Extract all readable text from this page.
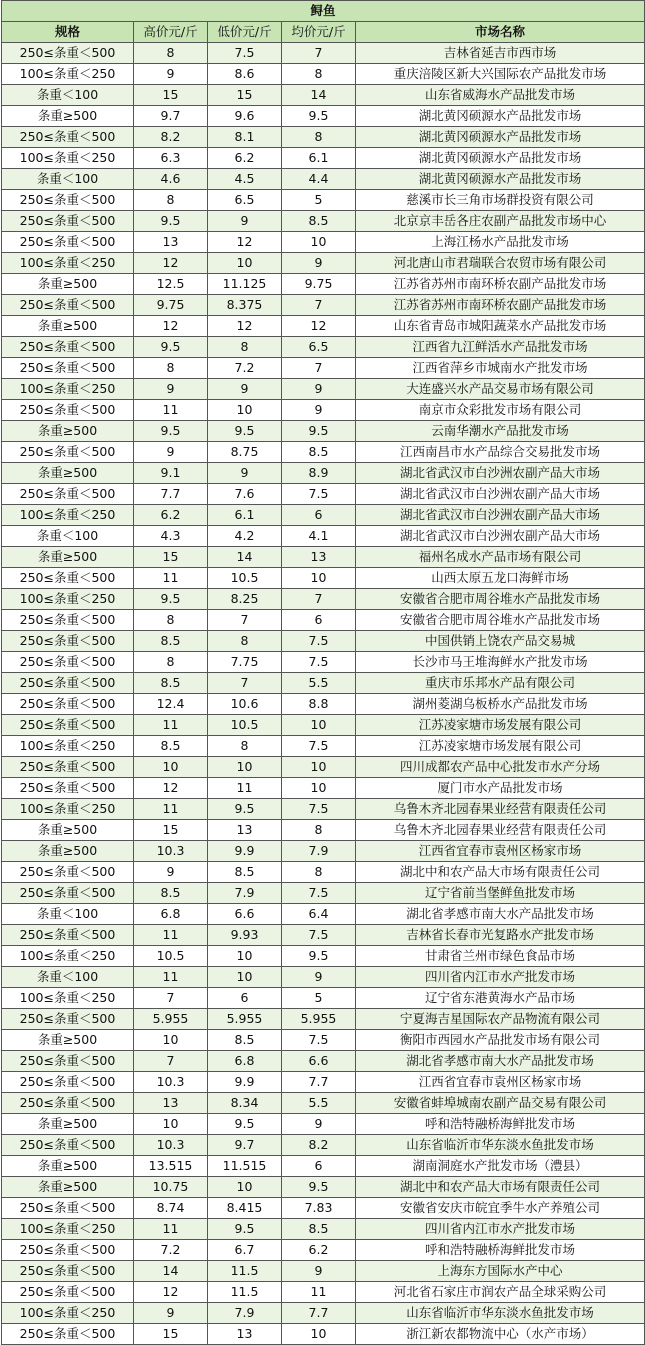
鲟鱼				
规格	高价元/斤	低价元/斤	均价元/斤	市场名称
250≤条重＜500	8	7.5	7	吉林省延吉市西市场
100≤条重＜250	9	8.6	8	重庆涪陵区新大兴国际农产品批发市场
条重＜100	15	15	14	山东省威海水产品批发市场
条重≥500	9.7	9.6	9.5	湖北黄冈硕源水产品批发市场
250≤条重＜500	8.2	8.1	8	湖北黄冈硕源水产品批发市场
100≤条重＜250	6.3	6.2	6.1	湖北黄冈硕源水产品批发市场
条重＜100	4.6	4.5	4.4	湖北黄冈硕源水产品批发市场
250≤条重＜500	8	6.5	5	慈溪市长三角市场群投资有限公司
250≤条重＜500	9.5	9	8.5	北京京丰岳各庄农副产品批发市场中心
250≤条重＜500	13	12	10	上海江杨水产品批发市场
100≤条重＜250	12	10	9	河北唐山市君瑞联合农贸市场有限公司
条重≥500	12.5	11.125	9.75	江苏省苏州市南环桥农副产品批发市场
250≤条重＜500	9.75	8.375	7	江苏省苏州市南环桥农副产品批发市场
条重≥500	12	12	12	山东省青岛市城阳蔬菜水产品批发市场
250≤条重＜500	9.5	8	6.5	江西省九江鲜活水产品批发市场
250≤条重＜500	8	7.2	7	江西省萍乡市城南水产批发市场
100≤条重＜250	9	9	9	大连盛兴水产品交易市场有限公司
250≤条重＜500	11	10	9	南京市众彩批发市场有限公司
条重≥500	9.5	9.5	9.5	云南华潮水产品批发市场
250≤条重＜500	9	8.75	8.5	江西南昌市水产品综合交易批发市场
条重≥500	9.1	9	8.9	湖北省武汉市白沙洲农副产品大市场
250≤条重＜500	7.7	7.6	7.5	湖北省武汉市白沙洲农副产品大市场
100≤条重＜250	6.2	6.1	6	湖北省武汉市白沙洲农副产品大市场
条重＜100	4.3	4.2	4.1	湖北省武汉市白沙洲农副产品大市场
条重≥500	15	14	13	福州名成水产品市场有限公司
250≤条重＜500	11	10.5	10	山西太原五龙口海鲜市场
100≤条重＜250	9.5	8.25	7	安徽省合肥市周谷堆水产品批发市场
250≤条重＜500	8	7	6	安徽省合肥市周谷堆水产品批发市场
250≤条重＜500	8.5	8	7.5	中国供销上饶农产品交易城
250≤条重＜500	8	7.75	7.5	长沙市马王堆海鲜水产批发市场
250≤条重＜500	8.5	7	5.5	重庆市乐邦水产品有限公司
250≤条重＜500	12.4	10.6	8.8	湖州菱湖乌板桥水产品批发市场
250≤条重＜500	11	10.5	10	江苏凌家塘市场发展有限公司
100≤条重＜250	8.5	8	7.5	江苏凌家塘市场发展有限公司
250≤条重＜500	10	10	10	四川成都农产品中心批发市水产分场
250≤条重＜500	12	11	10	厦门市水产品批发市场
100≤条重＜250	11	9.5	7.5	乌鲁木齐北园春果业经营有限责任公司
条重≥500	15	13	8	乌鲁木齐北园春果业经营有限责任公司
条重≥500	10.3	9.9	7.9	江西省宜春市袁州区杨家市场
250≤条重＜500	9	8.5	8	湖北中和农产品大市场有限责任公司
250≤条重＜500	8.5	7.9	7.5	辽宁省前当堡鲜鱼批发市场
条重＜100	6.8	6.6	6.4	湖北省孝感市南大水产品批发市场
250≤条重＜500	11	9.93	7.5	吉林省长春市光复路水产批发市场
100≤条重＜250	10.5	10	9.5	甘肃省兰州市绿色食品市场
条重＜100	11	10	9	四川省内江市水产批发市场
100≤条重＜250	7	6	5	辽宁省东港黄海水产品市场
250≤条重＜500	5.955	5.955	5.955	宁夏海吉星国际农产品物流有限公司
条重≥500	10	8.5	7.5	衡阳市西园水产品批发市场有限公司
250≤条重＜500	7	6.8	6.6	湖北省孝感市南大水产品批发市场
250≤条重＜500	10.3	9.9	7.7	江西省宜春市袁州区杨家市场
250≤条重＜500	13	8.34	5.5	安徽省蚌埠城南农副产品交易有限公司
条重≥500	10	9.5	9	呼和浩特融桥海鲜批发市场
250≤条重＜500	10.3	9.7	8.2	山东省临沂市华东淡水鱼批发市场
条重≥500	13.515	11.515	6	湖南洞庭水产批发市场（澧县）
条重≥500	10.75	10	9.5	湖北中和农产品大市场有限责任公司
250≤条重＜500	8.74	8.415	7.83	安徽省安庆市皖宜季牛水产养殖公司
100≤条重＜250	11	9.5	8.5	四川省内江市水产批发市场
250≤条重＜500	7.2	6.7	6.2	呼和浩特融桥海鲜批发市场
250≤条重＜500	14	11.5	9	上海东方国际水产中心
250≤条重＜500	12	11.5	11	河北省石家庄市润农产品全球采购公司
100≤条重＜250	9	7.9	7.7	山东省临沂市华东淡水鱼批发市场
250≤条重＜500	15	13	10	浙江新农都物流中心（水产市场）
